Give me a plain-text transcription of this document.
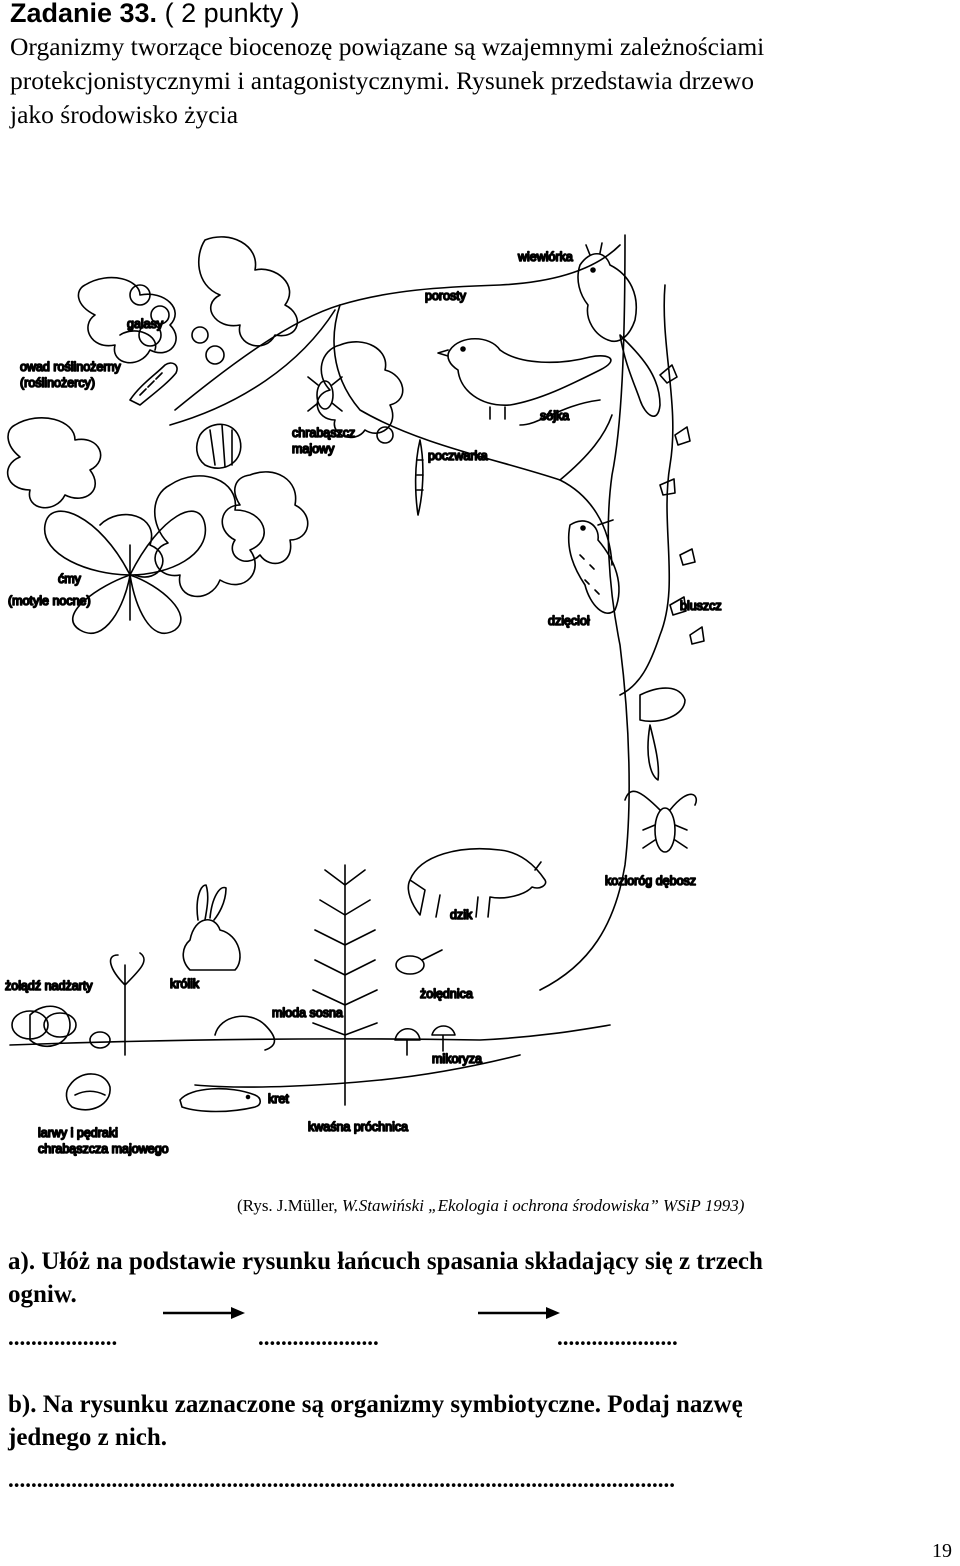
Zadanie 33. ( 2 punkty )
Organizmy tworzące biocenozę powiązane są wzajemnymi zależnościami
protekcjonistycznymi i antagonistycznymi. Rysunek przedstawia drzewo
jako środowisko życia
wiewiórka
porosty
galasy
owad roślinożerny
(roślinożercy)
sójka
chrabąszcz
majowy	poczwarka
ćmy
(motyle nocne)
dzięcioł
bluszcz
kozioróg dębosz
dzik
żołądź nadżarty	królik
żołędnica
młoda sosna
mikoryza
kret
larwy i pędraki
chrabąszcza majowego
kwaśna próchnica
(Rys. J.Müller, W.Stawiński „Ekologia i ochrona środowiska” WSiP 1993)
a). Ułóż na podstawie rysunku łańcuch spasania składający się z trzech
ogniw.
...................	.....................	.....................
b). Na rysunku zaznaczone są organizmy symbiotyczne. Podaj nazwę
jednego z nich.
....................................................................................................................
19
